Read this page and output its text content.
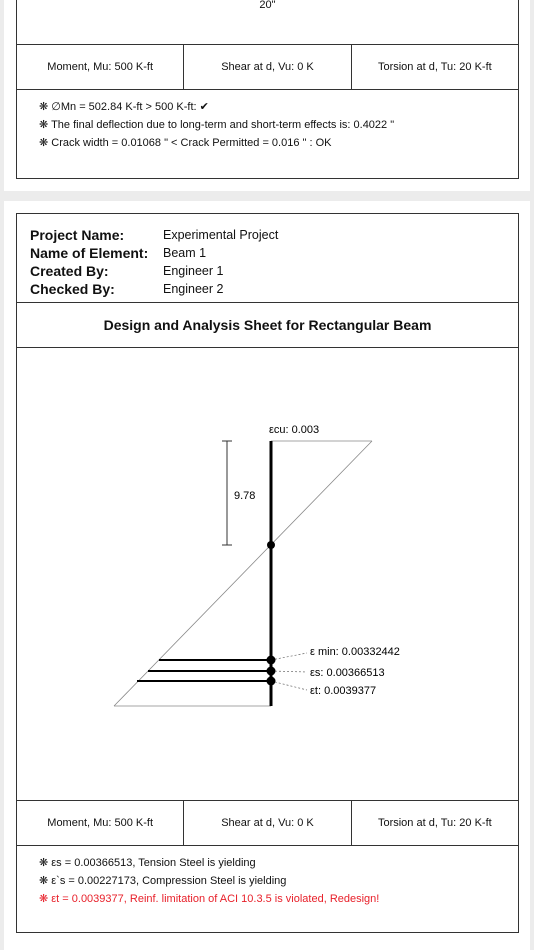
20"
Moment, Mu: 500 K-ft	Shear at d, Vu: 0 K	Torsion at d, Tu: 20 K-ft
❋ ∅Mn = 502.84 K-ft > 500 K-ft: ✔
❋ The final deflection due to long-term and short-term effects is: 0.4022 "
❋ Crack width = 0.01068 " < Crack Permitted = 0.016 " : OK
Project Name:	Experimental Project
Name of Element:	Beam 1
Created By:	Engineer 1
Checked By:	Engineer 2
Design and Analysis Sheet for Rectangular Beam
εcu: 0.003
9.78
ε min: 0.00332442
εs: 0.00366513
εt: 0.0039377
Moment, Mu: 500 K-ft	Shear at d, Vu: 0 K	Torsion at d, Tu: 20 K-ft
❋ εs = 0.00366513, Tension Steel is yielding
❋ ε`s = 0.00227173, Compression Steel is yielding
❋ εt = 0.0039377, Reinf. limitation of ACI 10.3.5 is violated, Redesign!
